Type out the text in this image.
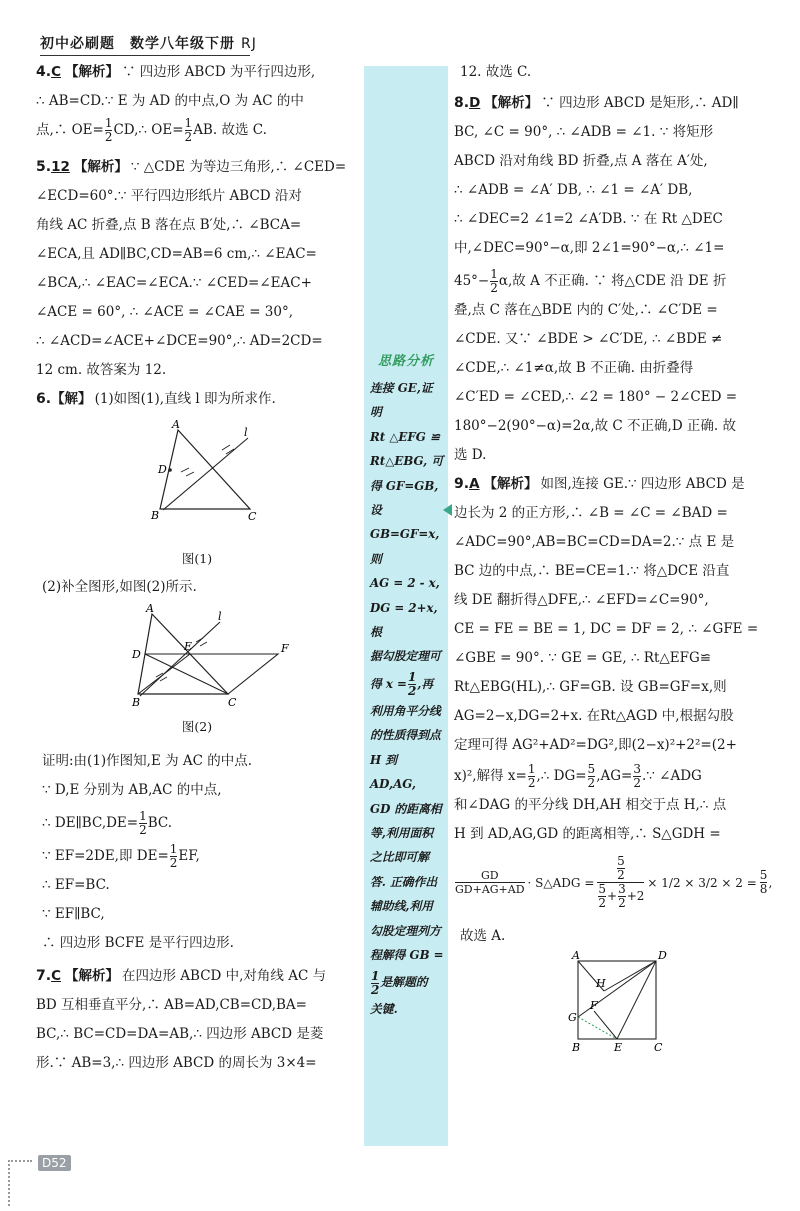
初中必刷题　数学八年级下册 RJ

4.C 【解析】 ∵ 四边形 ABCD 为平行四边形,

∴ AB=CD.∵ E 为 AD 的中点,O 为 AC 的中

点,∴ $OE= \frac{1}{2}$ CD,∴ $OE= \frac{1}{2}$ AB. 故选 C.

5.12 【解析】 ∵ △CDE 为等边三角形,∴ ∠CED=

∠ECD=60°.∵ 平行四边形纸片 ABCD 沿对

角线 AC 折叠,点 B 落在点 B′处,∴ ∠BCA=

∠ECA,且 AD∥BC,CD=AB=6 cm,∴ ∠EAC=

∠BCA,∴ ∠EAC=∠ECA.∵ ∠CED=∠EAC+

∠ACE = 60°, ∴ ∠ACE = ∠CAE = 30°,

∴ ∠ACD=∠ACE+∠DCE=90°,∴ AD=2CD=

12 cm. 故答案为 12.

6.【解】 (1)如图(1),直线 l 即为所求作.

A
D
B	C
l

图(1)

(2)补全图形,如图(2)所示.

A
D
E	F
B	C
l

图(2)

证明:由(1)作图知,E 为 AC 的中点.

∵ D,E 分别为 AB,AC 的中点,

∴ DE∥BC,DE= $\frac{1}{2}$ BC.

∵ EF=2DE,即 $DE= \frac{1}{2}$ EF,

∴ EF=BC.

∵ EF∥BC,

∴ 四边形 BCFE 是平行四边形.

7.C 【解析】 在四边形 ABCD 中,对角线 AC 与

BD 互相垂直平分,∴ AB=AD,CB=CD,BA=

BC,∴ BC=CD=DA=AB,∴ 四边形 ABCD 是菱

形.∵ AB=3,∴ 四边形 ABCD 的周长为 3×4=

思路分析
连接 GE,证明
Rt △EFG ≌
Rt△EBG, 可
得 GF=GB,设
GB=GF=x,则
AG = 2 - x,
DG = 2+x, 根
据勾股定理可
得 $x = \frac{1}{2}$ ,再
利用角平分线
的性质得到点
H 到 AD,AG,
GD 的距离相
等,利用面积
之比即可解
答. 正确作出
辅助线,利用
勾股定理列方
程解得 GB =
$\frac{1}{2}$ 是解题的
关键.

12. 故选 C.

8.D 【解析】 ∵ 四边形 ABCD 是矩形,∴ AD∥

BC, ∠C = 90°, ∴ ∠ADB = ∠1. ∵ 将矩形

ABCD 沿对角线 BD 折叠,点 A 落在 A′处,

∴ ∠ADB = ∠A′ DB, ∴ ∠1 = ∠A′ DB,

∴ ∠DEC=2 ∠1=2 ∠A′DB. ∵ 在 Rt △DEC

中,∠DEC=90°−α,即 2∠1=90°−α,∴ ∠1=

$45^\circ- \frac{1}{2} \alpha$,故 A 不正确. ∵ 将△CDE 沿 DE 折

叠,点 C 落在△BDE 内的 C′处,∴ ∠C′DE =

∠CDE. 又∵ ∠BDE > ∠C′DE, ∴ ∠BDE ≠

∠CDE,∴ ∠1≠α,故 B 不正确. 由折叠得

∠C′ED = ∠CED,∴ ∠2 = 180° − 2∠CED =

180°−2(90°−α)=2α,故 C 不正确,D 正确. 故

选 D.

9.A 【解析】 如图,连接 GE.∵ 四边形 ABCD 是

边长为 2 的正方形,∴ ∠B = ∠C = ∠BAD =

∠ADC=90°,AB=BC=CD=DA=2.∵ 点 E 是

BC 边的中点,∴ BE=CE=1.∵ 将△DCE 沿直

线 DE 翻折得△DFE,∴ ∠EFD=∠C=90°,

CE = FE = BE = 1, DC = DF = 2, ∴ ∠GFE =

∠GBE = 90°. ∵ GE = GE, ∴ Rt△EFG≌

Rt△EBG(HL),∴ GF=GB. 设 GB=GF=x,则

AG=2−x,DG=2+x. 在Rt△AGD 中,根据勾股

定理可得 AG²+AD²=DG²,即(2−x)²+2²=(2+

x)²,解得 $x= \frac{1}{2}$ ,∴ $DG= \frac{5}{2} ,AG= \frac{3}{2}$ .∵ ∠ADG

和∠DAG 的平分线 DH,AH 相交于点 H,∴ 点

H 到 AD,AG,GD 的距离相等,∴ S△GDH =

$\frac{GD}{GD+AG+AD}$ · S△ADG = $\frac{\frac{5}{2}}{\frac{5}{2} + \frac{3}{2} +2} \times 1/2 \times 3/2 \times 2 = \frac{5}{8}$ ,

故选 A.

A	D
H
G
F
B	E	C
D52
